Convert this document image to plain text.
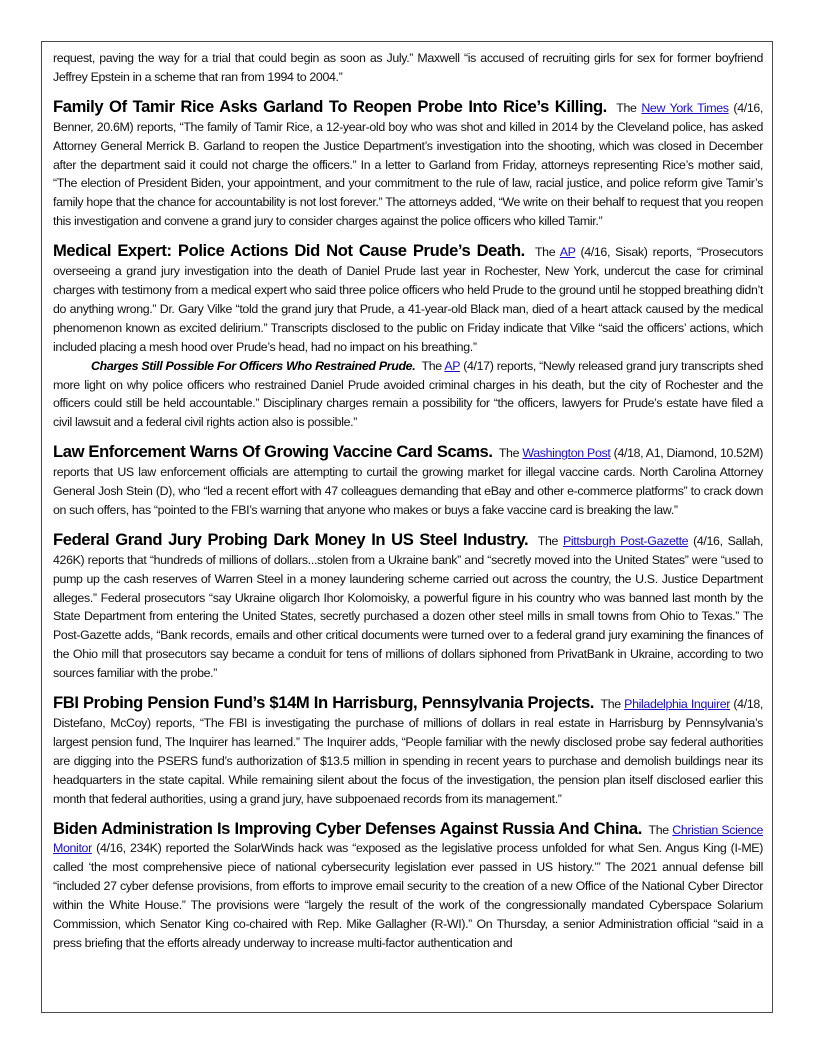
request, paving the way for a trial that could begin as soon as July.” Maxwell “is accused of recruiting girls for sex for former boyfriend Jeffrey Epstein in a scheme that ran from 1994 to 2004.”

Family Of Tamir Rice Asks Garland To Reopen Probe Into Rice’s Killing. The New York Times (4/16, Benner, 20.6M) reports, “The family of Tamir Rice, a 12-year-old boy who was shot and killed in 2014 by the Cleveland police, has asked Attorney General Merrick B. Garland to reopen the Justice Department’s investigation into the shooting, which was closed in December after the department said it could not charge the officers.” In a letter to Garland from Friday, attorneys representing Rice’s mother said, “The election of President Biden, your appointment, and your commitment to the rule of law, racial justice, and police reform give Tamir’s family hope that the chance for accountability is not lost forever.” The attorneys added, “We write on their behalf to request that you reopen this investigation and convene a grand jury to consider charges against the police officers who killed Tamir.”

Medical Expert: Police Actions Did Not Cause Prude’s Death. The AP (4/16, Sisak) reports, “Prosecutors overseeing a grand jury investigation into the death of Daniel Prude last year in Rochester, New York, undercut the case for criminal charges with testimony from a medical expert who said three police officers who held Prude to the ground until he stopped breathing didn’t do anything wrong.” Dr. Gary Vilke “told the grand jury that Prude, a 41-year-old Black man, died of a heart attack caused by the medical phenomenon known as excited delirium.” Transcripts disclosed to the public on Friday indicate that Vilke “said the officers’ actions, which included placing a mesh hood over Prude’s head, had no impact on his breathing.”

Charges Still Possible For Officers Who Restrained Prude. The AP (4/17) reports, “Newly released grand jury transcripts shed more light on why police officers who restrained Daniel Prude avoided criminal charges in his death, but the city of Rochester and the officers could still be held accountable.” Disciplinary charges remain a possibility for “the officers, lawyers for Prude’s estate have filed a civil lawsuit and a federal civil rights action also is possible.”

Law Enforcement Warns Of Growing Vaccine Card Scams. The Washington Post (4/18, A1, Diamond, 10.52M) reports that US law enforcement officials are attempting to curtail the growing market for illegal vaccine cards. North Carolina Attorney General Josh Stein (D), who “led a recent effort with 47 colleagues demanding that eBay and other e-commerce platforms” to crack down on such offers, has “pointed to the FBI’s warning that anyone who makes or buys a fake vaccine card is breaking the law.”

Federal Grand Jury Probing Dark Money In US Steel Industry. The Pittsburgh Post-Gazette (4/16, Sallah, 426K) reports that “hundreds of millions of dollars...stolen from a Ukraine bank” and “secretly moved into the United States” were “used to pump up the cash reserves of Warren Steel in a money laundering scheme carried out across the country, the U.S. Justice Department alleges.” Federal prosecutors “say Ukraine oligarch Ihor Kolomoisky, a powerful figure in his country who was banned last month by the State Department from entering the United States, secretly purchased a dozen other steel mills in small towns from Ohio to Texas.” The Post-Gazette adds, “Bank records, emails and other critical documents were turned over to a federal grand jury examining the finances of the Ohio mill that prosecutors say became a conduit for tens of millions of dollars siphoned from PrivatBank in Ukraine, according to two sources familiar with the probe.”

FBI Probing Pension Fund’s $14M In Harrisburg, Pennsylvania Projects. The Philadelphia Inquirer (4/18, Distefano, McCoy) reports, “The FBI is investigating the purchase of millions of dollars in real estate in Harrisburg by Pennsylvania’s largest pension fund, The Inquirer has learned.” The Inquirer adds, “People familiar with the newly disclosed probe say federal authorities are digging into the PSERS fund’s authorization of $13.5 million in spending in recent years to purchase and demolish buildings near its headquarters in the state capital. While remaining silent about the focus of the investigation, the pension plan itself disclosed earlier this month that federal authorities, using a grand jury, have subpoenaed records from its management.”

Biden Administration Is Improving Cyber Defenses Against Russia And China. The Christian Science Monitor (4/16, 234K) reported the SolarWinds hack was “exposed as the legislative process unfolded for what Sen. Angus King (I-ME) called ‘the most comprehensive piece of national cybersecurity legislation ever passed in US history.’” The 2021 annual defense bill “included 27 cyber defense provisions, from efforts to improve email security to the creation of a new Office of the National Cyber Director within the White House.” The provisions were “largely the result of the work of the congressionally mandated Cyberspace Solarium Commission, which Senator King co-chaired with Rep. Mike Gallagher (R-WI).” On Thursday, a senior Administration official “said in a press briefing that the efforts already underway to increase multi-factor authentication and
